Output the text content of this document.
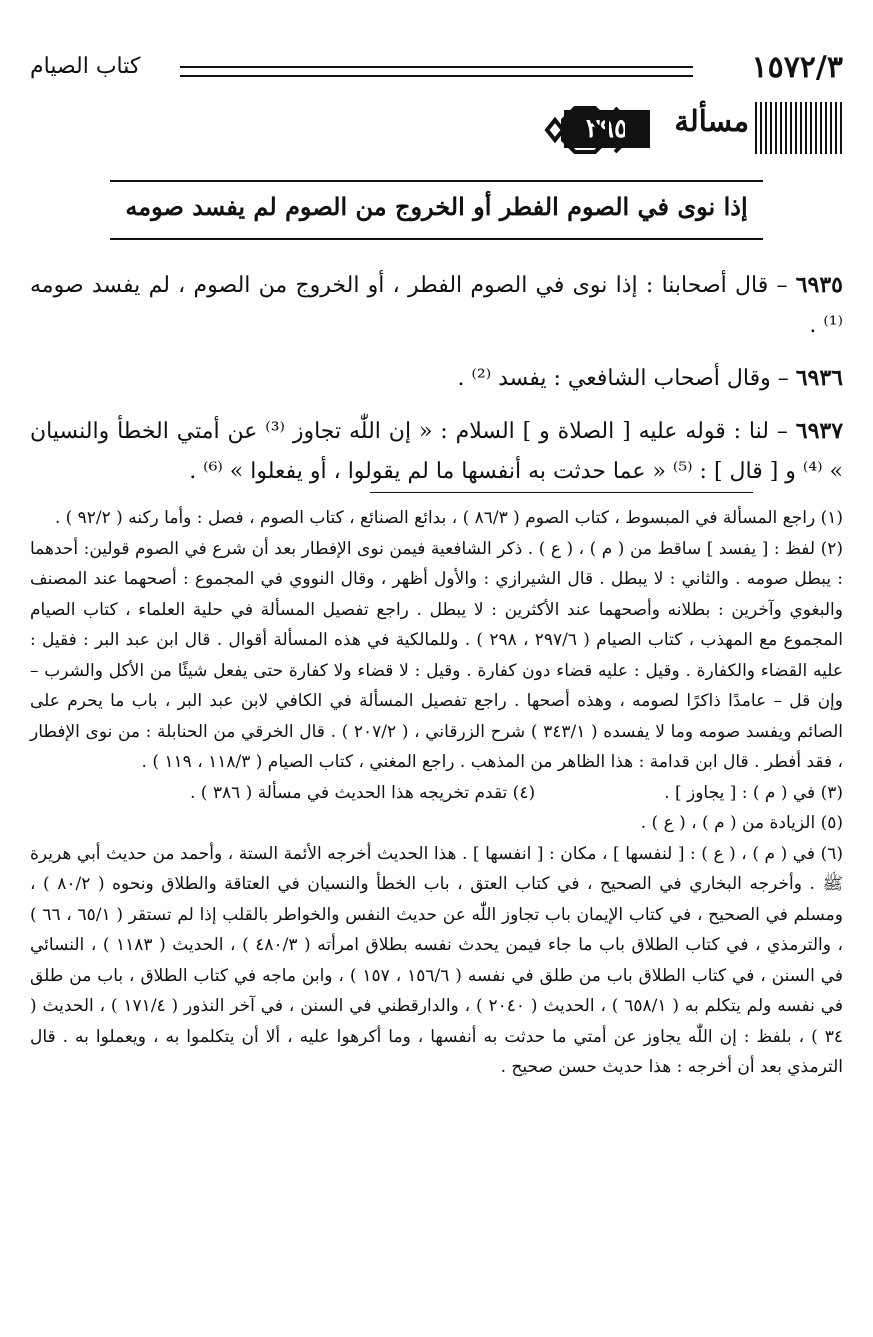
١٥٧٢/٣
كتاب الصيام
مسألة
٣٩٥
إذا نوى في الصوم الفطر أو الخروج من الصوم لم يفسد صومه

٦٩٣٥ – قال أصحابنا : إذا نوى في الصوم الفطر ، أو الخروج من الصوم ، لم يفسد صومه ⁽¹⁾ .

٦٩٣٦ – وقال أصحاب الشافعي : يفسد ⁽²⁾ .

٦٩٣٧ – لنا : قوله عليه [ الصلاة و ] السلام : « إن اللّٰه تجاوز ⁽³⁾ عن أمتي الخطأ والنسيان » ⁽⁴⁾ و [ قال ] : ⁽⁵⁾ « عما حدثت به أنفسها ما لم يقولوا ، أو يفعلوا » ⁽⁶⁾ .

(١) راجع المسألة في المبسوط ، كتاب الصوم ( ٨٦/٣ ) ، بدائع الصنائع ، كتاب الصوم ، فصل : وأما ركنه ( ٩٢/٢ ) .

(٢) لفظ : [ يفسد ] ساقط من ( م ) ، ( ع ) . ذكر الشافعية فيمن نوى الإفطار بعد أن شرع في الصوم قولين: أحدهما : يبطل صومه . والثاني : لا يبطل . قال الشيرازي : والأول أظهر ، وقال النووي في المجموع : أصحهما عند المصنف والبغوي وآخرين : بطلانه وأصحهما عند الأكثرين : لا يبطل . راجع تفصيل المسألة في حلية العلماء ، كتاب الصيام المجموع مع المهذب ، كتاب الصيام ( ٢٩٧/٦ ، ٢٩٨ ) . وللمالكية في هذه المسألة أقوال . قال ابن عبد البر : فقيل : عليه القضاء والكفارة . وقيل : عليه قضاء دون كفارة . وقيل : لا قضاء ولا كفارة حتى يفعل شيئًا من الأكل والشرب – وإن قل – عامدًا ذاكرًا لصومه ، وهذه أصحها . راجع تفصيل المسألة في الكافي لابن عبد البر ، باب ما يحرم على الصائم ويفسد صومه وما لا يفسده ( ٣٤٣/١ ) شرح الزرقاني ، ( ٢٠٧/٢ ) . قال الخرقي من الحنابلة : من نوى الإفطار ، فقد أفطر . قال ابن قدامة : هذا الظاهر من المذهب . راجع المغني ، كتاب الصيام ( ١١٨/٣ ، ١١٩ ) .

(٣) في ( م ) : [ يجاوز ] .
(٤) تقدم تخريجه هذا الحديث في مسألة ( ٣٨٦ ) .

(٥) الزيادة من ( م ) ، ( ع ) .

(٦) في ( م ) ، ( ع ) : [ لنفسها ] ، مكان : [ انفسها ] . هذا الحديث أخرجه الأئمة الستة ، وأحمد من حديث أبي هريرة ﷺ . وأخرجه البخاري في الصحيح ، في كتاب العتق ، باب الخطأ والنسيان في العتاقة والطلاق ونحوه ( ٨٠/٢ ) ، ومسلم في الصحيح ، في كتاب الإيمان باب تجاوز اللّٰه عن حديث النفس والخواطر بالقلب إذا لم تستقر ( ٦٥/١ ، ٦٦ ) ، والترمذي ، في كتاب الطلاق باب ما جاء فيمن يحدث نفسه بطلاق امرأته ( ٤٨٠/٣ ) ، الحديث ( ١١٨٣ ) ، النسائي في السنن ، في كتاب الطلاق باب من طلق في نفسه ( ١٥٦/٦ ، ١٥٧ ) ، وابن ماجه في كتاب الطلاق ، باب من طلق في نفسه ولم يتكلم به ( ٦٥٨/١ ) ، الحديث ( ٢٠٤٠ ) ، والدارقطني في السنن ، في آخر النذور ( ١٧١/٤ ) ، الحديث ( ٣٤ ) ، بلفظ : إن اللّٰه يجاوز عن أمتي ما حدثت به أنفسها ، وما أكرهوا عليه ، ألا أن يتكلموا به ، ويعملوا به . قال الترمذي بعد أن أخرجه : هذا حديث حسن صحيح .
